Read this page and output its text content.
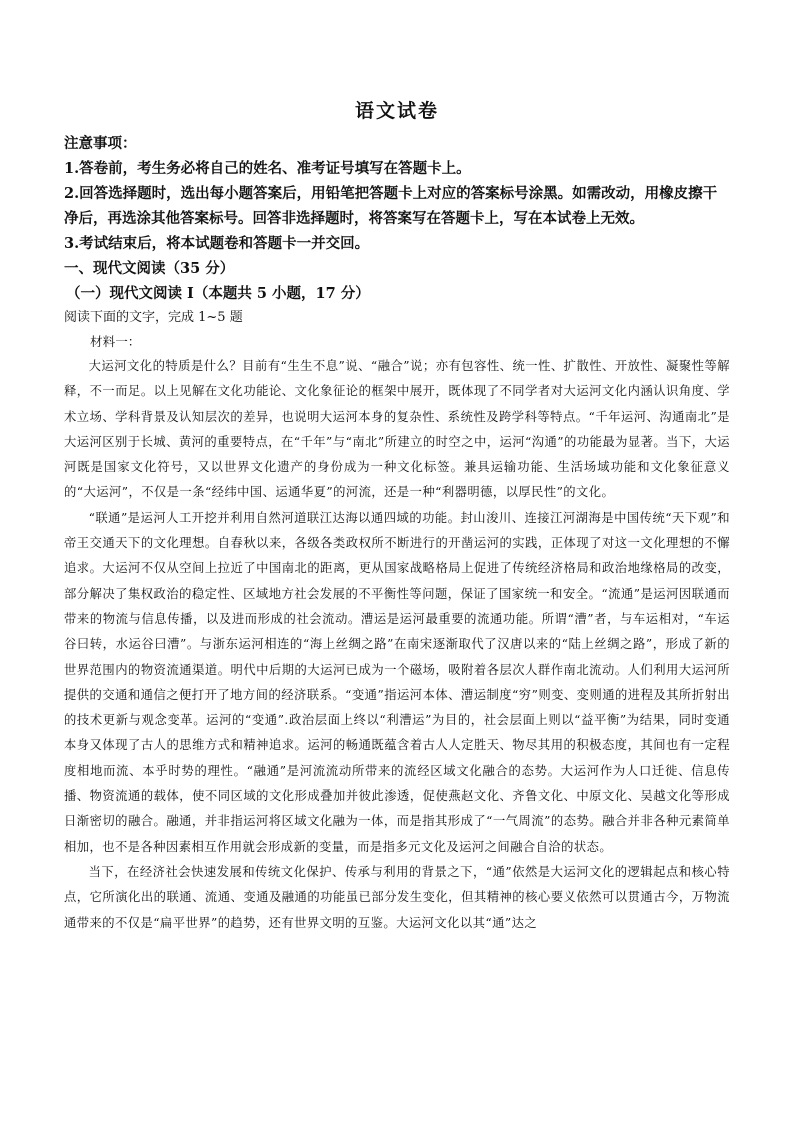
语文试卷

注意事项：

1.答卷前，考生务必将自己的姓名、准考证号填写在答题卡上。

2.回答选择题时，选出每小题答案后，用铅笔把答题卡上对应的答案标号涂黑。如需改动，用橡皮擦干净后，再选涂其他答案标号。回答非选择题时，将答案写在答题卡上，写在本试卷上无效。

3.考试结束后，将本试题卷和答题卡一并交回。

一、现代文阅读（35 分）

（一）现代文阅读 I（本题共 5 小题，17 分）

阅读下面的文字，完成 1~5 题

材料一：

大运河文化的特质是什么？目前有“生生不息”说、“融合”说；亦有包容性、统一性、扩散性、开放性、凝聚性等解释，不一而足。以上见解在文化功能论、文化象征论的框架中展开，既体现了不同学者对大运河文化内涵认识角度、学术立场、学科背景及认知层次的差异，也说明大运河本身的复杂性、系统性及跨学科等特点。“千年运河、沟通南北”是大运河区别于长城、黄河的重要特点，在“千年”与“南北”所建立的时空之中，运河“沟通”的功能最为显著。当下，大运河既是国家文化符号，又以世界文化遗产的身份成为一种文化标签。兼具运输功能、生活场域功能和文化象征意义的“大运河”，不仅是一条“经纬中国、运通华夏”的河流，还是一种“利器明德，以厚民性”的文化。

“联通”是运河人工开挖并利用自然河道联江达海以通四域的功能。封山浚川、连接江河湖海是中国传统“天下观”和帝王交通天下的文化理想。自春秋以来，各级各类政权所不断进行的开凿运河的实践，正体现了对这一文化理想的不懈追求。大运河不仅从空间上拉近了中国南北的距离，更从国家战略格局上促进了传统经济格局和政治地缘格局的改变，部分解决了集权政治的稳定性、区域地方社会发展的不平衡性等问题，保证了国家统一和安全。“流通”是运河因联通而带来的物流与信息传播，以及进而形成的社会流动。漕运是运河最重要的流通功能。所谓“漕”者，与车运相对，“车运谷曰转，水运谷曰漕”。与浙东运河相连的“海上丝绸之路”在南宋逐渐取代了汉唐以来的“陆上丝绸之路”，形成了新的世界范围内的物资流通渠道。明代中后期的大运河已成为一个磁场，吸附着各层次人群作南北流动。人们利用大运河所提供的交通和通信之便打开了地方间的经济联系。“变通”指运河本体、漕运制度“穷”则变、变则通的进程及其所折射出的技术更新与观念变革。运河的“变通”.政治层面上终以“利漕运”为目的，社会层面上则以“益平衡”为结果，同时变通本身又体现了古人的思维方式和精神追求。运河的畅通既蕴含着古人人定胜天、物尽其用的积极态度，其间也有一定程度相地而流、本乎时势的理性。“融通”是河流流动所带来的流经区域文化融合的态势。大运河作为人口迁徙、信息传播、物资流通的载体，使不同区域的文化形成叠加并彼此渗透，促使燕赵文化、齐鲁文化、中原文化、吴越文化等形成日渐密切的融合。融通，并非指运河将区域文化融为一体，而是指其形成了“一气周流”的态势。融合并非各种元素简单相加，也不是各种因素相互作用就会形成新的变量，而是指多元文化及运河之间融合自洽的状态。

当下，在经济社会快速发展和传统文化保护、传承与利用的背景之下，“通”依然是大运河文化的逻辑起点和核心特点，它所演化出的联通、流通、变通及融通的功能虽已部分发生变化，但其精神的核心要义依然可以贯通古今，万物流通带来的不仅是“扁平世界”的趋势，还有世界文明的互鉴。大运河文化以其“通”达之
